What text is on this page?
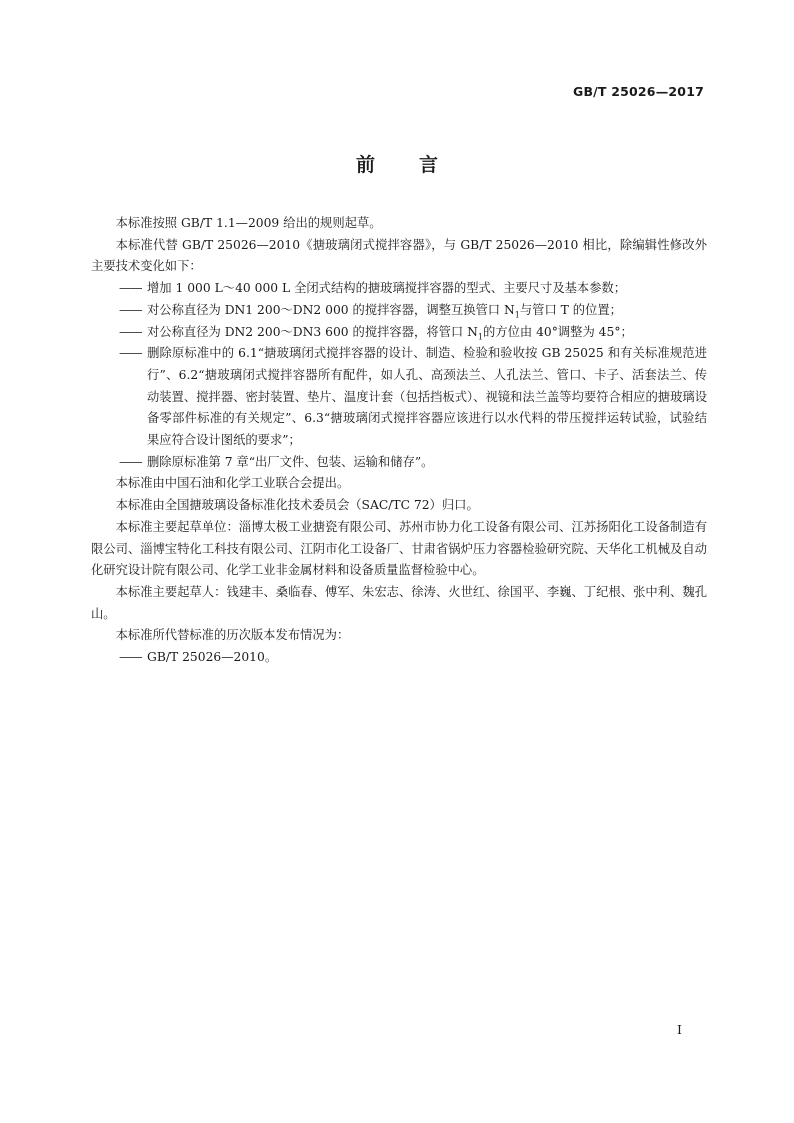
GB/T 25026—2017
前言

本标准按照 GB/T 1.1—2009 给出的规则起草。

本标准代替 GB/T 25026—2010《搪玻璃闭式搅拌容器》，与 GB/T 25026—2010 相比，除编辑性修改外主要技术变化如下：

—— 增加 1 000 L～40 000 L 全闭式结构的搪玻璃搅拌容器的型式、主要尺寸及基本参数；

—— 对公称直径为 DN1 200～DN2 000 的搅拌容器，调整互换管口 $N_1$与管口 T 的位置；

—— 对公称直径为 DN2 200～DN3 600 的搅拌容器，将管口 $N_1$的方位由 40°调整为 45°；

—— 删除原标准中的 6.1“搪玻璃闭式搅拌容器的设计、制造、检验和验收按 GB 25025 和有关标准规范进行”、6.2“搪玻璃闭式搅拌容器所有配件，如人孔、高颈法兰、人孔法兰、管口、卡子、活套法兰、传动装置、搅拌器、密封装置、垫片、温度计套（包括挡板式）、视镜和法兰盖等均要符合相应的搪玻璃设备零部件标准的有关规定”、6.3“搪玻璃闭式搅拌容器应该进行以水代料的带压搅拌运转试验，试验结果应符合设计图纸的要求”；

—— 删除原标准第 7 章“出厂文件、包装、运输和储存”。

本标准由中国石油和化学工业联合会提出。

本标准由全国搪玻璃设备标准化技术委员会（SAC/TC 72）归口。

本标准主要起草单位：淄博太极工业搪瓷有限公司、苏州市协力化工设备有限公司、江苏扬阳化工设备制造有限公司、淄博宝特化工科技有限公司、江阴市化工设备厂、甘肃省锅炉压力容器检验研究院、天华化工机械及自动化研究设计院有限公司、化学工业非金属材料和设备质量监督检验中心。

本标准主要起草人：钱建丰、桑临春、傅军、朱宏志、徐涛、火世红、徐国平、李巍、丁纪根、张中利、魏孔山。

本标准所代替标准的历次版本发布情况为：

—— GB/T 25026—2010。

I
